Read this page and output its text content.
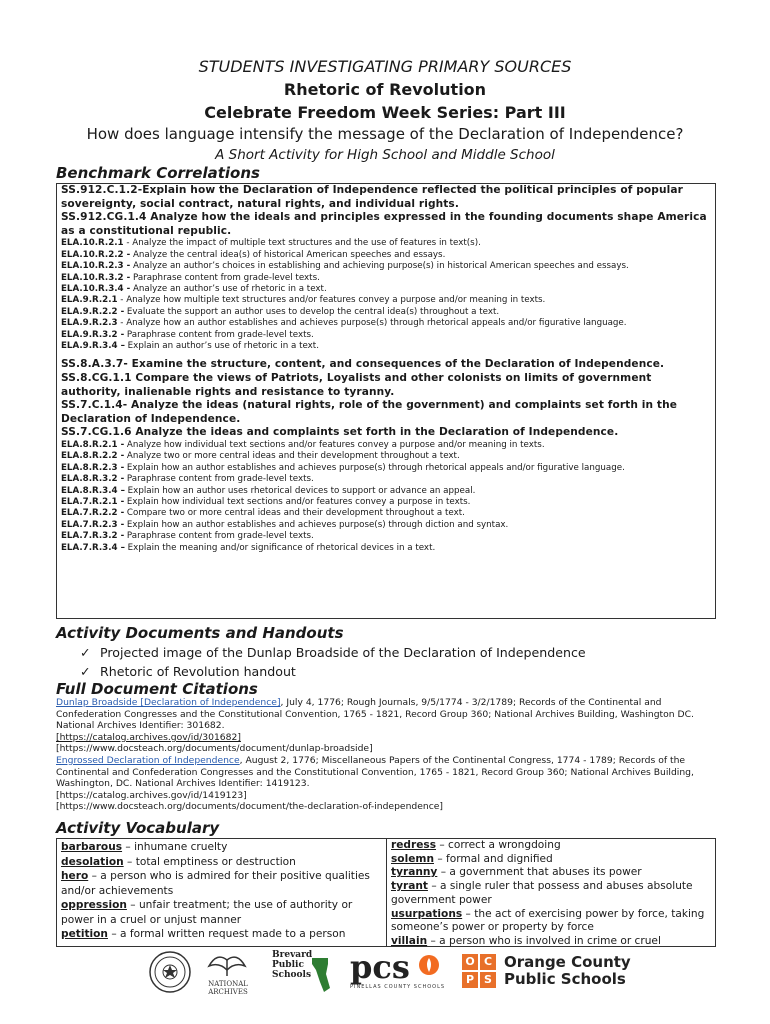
STUDENTS INVESTIGATING PRIMARY SOURCES
Rhetoric of Revolution
Celebrate Freedom Week Series: Part III
How does language intensify the message of the Declaration of Independence?
A Short Activity for High School and Middle School
Benchmark Correlations
SS.912.C.1.2-Explain how the Declaration of Independence reflected the political principles of popular sovereignty, social contract, natural rights, and individual rights.
SS.912.CG.1.4 Analyze how the ideals and principles expressed in the founding documents shape America as a constitutional republic.
ELA.10.R.2.1 - Analyze the impact of multiple text structures and the use of features in text(s).
ELA.10.R.2.2 - Analyze the central idea(s) of historical American speeches and essays.
ELA.10.R.2.3 - Analyze an author’s choices in establishing and achieving purpose(s) in historical American speeches and essays.
ELA.10.R.3.2 - Paraphrase content from grade-level texts.
ELA.10.R.3.4 - Analyze an author’s use of rhetoric in a text.
ELA.9.R.2.1 - Analyze how multiple text structures and/or features convey a purpose and/or meaning in texts.
ELA.9.R.2.2 - Evaluate the support an author uses to develop the central idea(s) throughout a text.
ELA.9.R.2.3 - Analyze how an author establishes and achieves purpose(s) through rhetorical appeals and/or figurative language.
ELA.9.R.3.2 - Paraphrase content from grade-level texts.
ELA.9.R.3.4 – Explain an author’s use of rhetoric in a text.
SS.8.A.3.7- Examine the structure, content, and consequences of the Declaration of Independence.
SS.8.CG.1.1 Compare the views of Patriots, Loyalists and other colonists on limits of government authority, inalienable rights and resistance to tyranny.
SS.7.C.1.4- Analyze the ideas (natural rights, role of the government) and complaints set forth in the Declaration of Independence.
SS.7.CG.1.6 Analyze the ideas and complaints set forth in the Declaration of Independence.
ELA.8.R.2.1 - Analyze how individual text sections and/or features convey a purpose and/or meaning in texts.
ELA.8.R.2.2 - Analyze two or more central ideas and their development throughout a text.
ELA.8.R.2.3 - Explain how an author establishes and achieves purpose(s) through rhetorical appeals and/or figurative language.
ELA.8.R.3.2 - Paraphrase content from grade-level texts.
ELA.8.R.3.4 – Explain how an author uses rhetorical devices to support or advance an appeal.
ELA.7.R.2.1 - Explain how individual text sections and/or features convey a purpose in texts.
ELA.7.R.2.2 - Compare two or more central ideas and their development throughout a text.
ELA.7.R.2.3 - Explain how an author establishes and achieves purpose(s) through diction and syntax.
ELA.7.R.3.2 - Paraphrase content from grade-level texts.
ELA.7.R.3.4 – Explain the meaning and/or significance of rhetorical devices in a text.
Activity Documents and Handouts
✓ Projected image of the Dunlap Broadside of the Declaration of Independence
✓ Rhetoric of Revolution handout
Full Document Citations
Dunlap Broadside [Declaration of Independence], July 4, 1776; Rough Journals, 9/5/1774 - 3/2/1789; Records of the Continental and Confederation Congresses and the Constitutional Convention, 1765 - 1821, Record Group 360; National Archives Building, Washington DC. National Archives Identifier: 301682.
[https://catalog.archives.gov/id/301682]
[https://www.docsteach.org/documents/document/dunlap-broadside]
Engrossed Declaration of Independence, August 2, 1776; Miscellaneous Papers of the Continental Congress, 1774 - 1789; Records of the Continental and Confederation Congresses and the Constitutional Convention, 1765 - 1821, Record Group 360; National Archives Building, Washington, DC. National Archives Identifier: 1419123.
[https://catalog.archives.gov/id/1419123]
[https://www.docsteach.org/documents/document/the-declaration-of-independence]
Activity Vocabulary
barbarous – inhumane cruelty
desolation – total emptiness or destruction
hero – a person who is admired for their positive qualities and/or achievements
oppression – unfair treatment; the use of authority or power in a cruel or unjust manner
petition – a formal written request made to a person
redress – correct a wrongdoing
solemn – formal and dignified
tyranny – a government that abuses its power
tyrant – a single ruler that possess and abuses absolute government power
usurpations – the act of exercising power by force, taking someone’s power or property by force
villain – a person who is involved in crime or cruel
NATIONAL ARCHIVES
Brevard
Public
Schools pcs
PINELLAS COUNTY SCHOOLS
O C
P S
Orange County
Public Schools
